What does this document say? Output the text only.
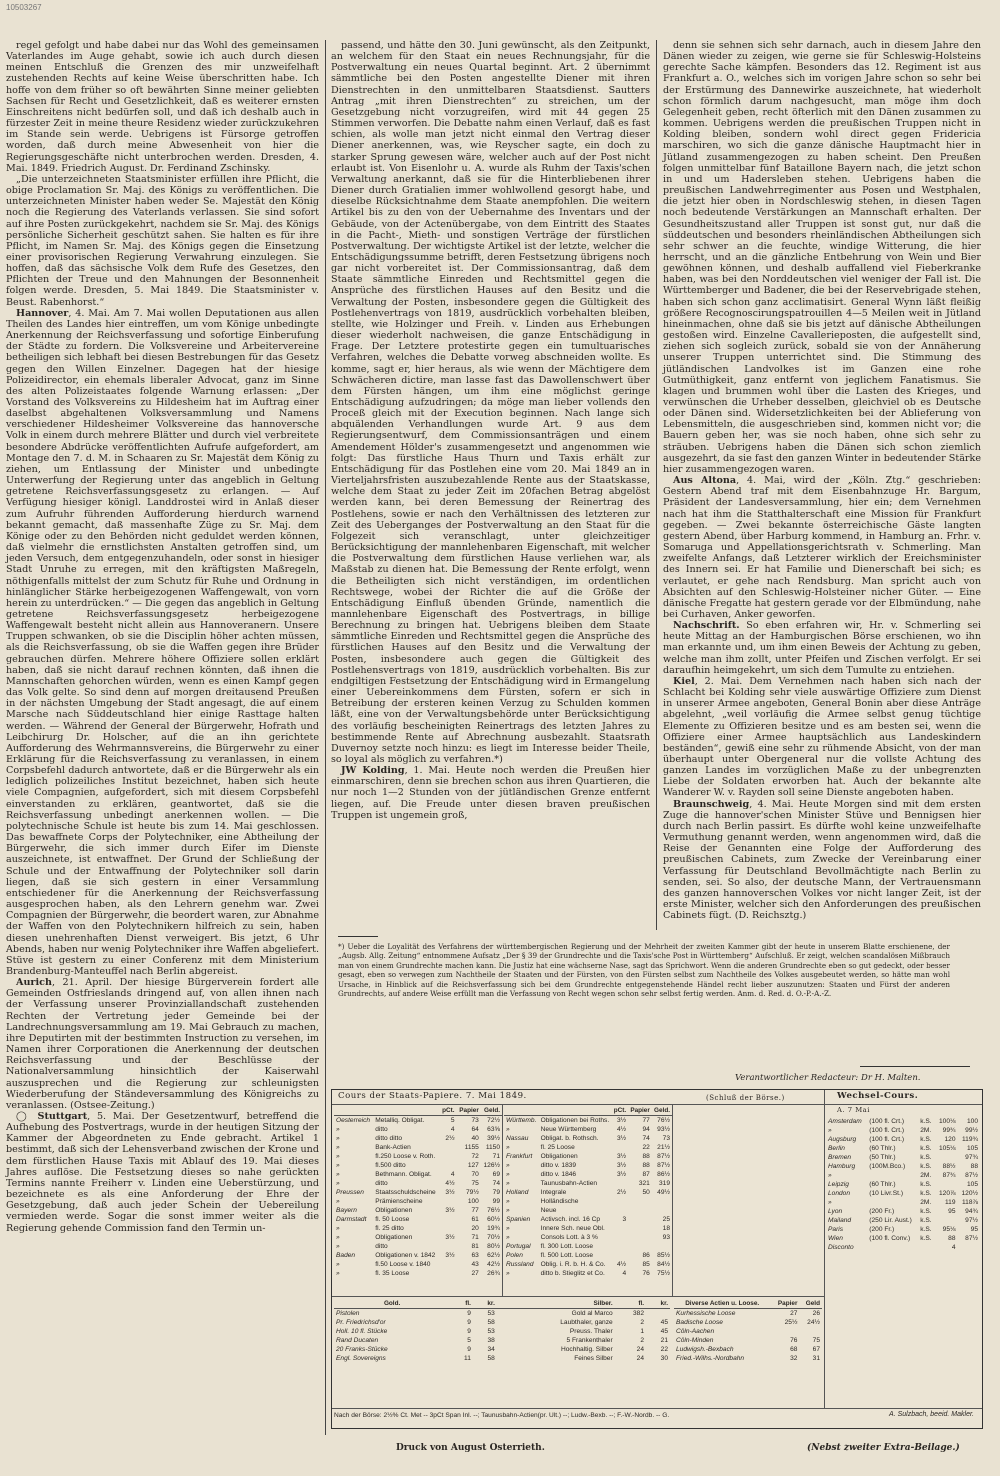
10503267

regel gefolgt und habe dabei nur das Wohl des gemeinsamen Vaterlandes im Auge gehabt, sowie ich auch durch diesen meinen Entschluß die Grenzen des mir unzweifelhaft zustehenden Rechts auf keine Weise überschritten habe. Ich hoffe von dem früher so oft bewährten Sinne meiner geliebten Sachsen für Recht und Gesetzlichkeit, daß es weiterer ernsten Einschreitens nicht bedürfen soll, und daß ich deshalb auch in fürzester Zeit in meine theure Residenz wieder zurückzukehren im Stande sein werde. Uebrigens ist Fürsorge getroffen worden, daß durch meine Abwesenheit von hier die Regierungsgeschäfte nicht unterbrochen werden. Dresden, 4. Mai. 1849. Friedrich August. Dr. Ferdinand Zschinsky.

„Die unterzeichneten Staatsminister erfüllen ihre Pflicht, die obige Proclamation Sr. Maj. des Königs zu veröffentlichen. Die unterzeichneten Minister haben weder Se. Majestät den König noch die Regierung des Vaterlands verlassen. Sie sind sofort auf ihre Posten zurückgekehrt, nachdem sie Sr. Maj. des Königs persönliche Sicherheit geschützt sahen. Sie halten es für ihre Pflicht, im Namen Sr. Maj. des Königs gegen die Einsetzung einer provisorischen Regierung Verwahrung einzulegen. Sie hoffen, daß das sächsische Volk dem Rufe des Gesetzes, den Pflichten der Treue und den Mahnungen der Besonnenheit folgen werde. Dresden, 5. Mai 1849. Die Staatsminister v. Beust. Rabenhorst.“

Hannover, 4. Mai. Am 7. Mai wollen Deputationen aus allen Theilen des Landes hier eintreffen, um vom Könige unbedingte Anerkennung der Reichsverfassung und sofortige Einberufung der Städte zu fordern. Die Volksvereine und Arbeitervereine betheiligen sich lebhaft bei diesen Bestrebungen für das Gesetz gegen den Willen Einzelner. Dagegen hat der hiesige Polizeidirector, ein ehemals liberaler Advocat, ganz im Sinne des alten Polizeistaates folgende Warnung erlassen: „Der Vorstand des Volksvereins zu Hildesheim hat im Auftrag einer daselbst abgehaltenen Volksversammlung und Namens verschiedener Hildesheimer Volksvereine das hannoversche Volk in einem durch mehrere Blätter und durch viel verbreitete besondere Abdrücke veröffentlichten Aufrufe aufgefordert, am Montage den 7. d. M. in Schaaren zu Sr. Majestät dem König zu ziehen, um Entlassung der Minister und unbedingte Unterwerfung der Regierung unter das angeblich in Geltung getretene Reichsverfassungsgesetz zu erlangen. — Auf Verfügung hiesiger königl. Landdrostei wird in Anlaß dieser zum Aufruhr führenden Aufforderung hierdurch warnend bekannt gemacht, daß massenhafte Züge zu Sr. Maj. dem Könige oder zu den Behörden nicht geduldet werden können, daß vielmehr die ernstlichsten Anstalten getroffen sind, um jeden Versuch, dem entgegenzuhandeln, oder sonst in hiesiger Stadt Unruhe zu erregen, mit den kräftigsten Maßregeln, nöthigenfalls mittelst der zum Schutz für Ruhe und Ordnung in hinlänglicher Stärke herbeigezogenen Waffengewalt, von vorn herein zu unterdrücken.“ — Die gegen das angeblich in Geltung getretene Reichsverfassungsgesetz herbeigezogene Waffengewalt besteht nicht allein aus Hannoveranern. Unsere Truppen schwanken, ob sie die Disciplin höher achten müssen, als die Reichsverfassung, ob sie die Waffen gegen ihre Brüder gebrauchen dürfen. Mehrere höhere Offiziere sollen erklärt haben, daß sie nicht darauf rechnen könnten, daß ihnen die Mannschaften gehorchen würden, wenn es einen Kampf gegen das Volk gelte. So sind denn auf morgen dreitausend Preußen in der nächsten Umgebung der Stadt angesagt, die auf einem Marsche nach Süddeutschland hier einige Rasttage halten werden. — Während der General der Bürgerwehr, Hofrath und Leibchirurg Dr. Holscher, auf die an ihn gerichtete Aufforderung des Wehrmannsvereins, die Bürgerwehr zu einer Erklärung für die Reichsverfassung zu veranlassen, in einem Corpsbefehl dadurch antwortete, daß er die Bürgerwehr als ein lediglich polizeiliches Institut bezeichnet, haben sich heute viele Compagnien, aufgefordert, sich mit diesem Corpsbefehl einverstanden zu erklären, geantwortet, daß sie die Reichsverfassung unbedingt anerkennen wollen. — Die polytechnische Schule ist heute bis zum 14. Mai geschlossen. Das bewaffnete Corps der Polytechniker, eine Abtheilung der Bürgerwehr, die sich immer durch Eifer im Dienste auszeichnete, ist entwaffnet. Der Grund der Schließung der Schule und der Entwaffnung der Polytechniker soll darin liegen, daß sie sich gestern in einer Versammlung entschiedener für die Anerkennung der Reichsverfassung ausgesprochen haben, als den Lehrern genehm war. Zwei Compagnien der Bürgerwehr, die beordert waren, zur Abnahme der Waffen von den Polytechnikern hilfreich zu sein, haben diesen unehrenhaften Dienst verweigert. Bis jetzt, 6 Uhr Abends, haben nur wenig Polytechniker ihre Waffen abgeliefert. Stüve ist gestern zu einer Conferenz mit dem Ministerium Brandenburg-Manteuffel nach Berlin abgereist.

Aurich, 21. April. Der hiesige Bürgerverein fordert alle Gemeinden Ostfrieslands dringend auf, von allen ihnen nach der Verfassung unserer Provinziallandschaft zustehenden Rechten der Vertretung jeder Gemeinde bei der Landrechnungsversammlung am 19. Mai Gebrauch zu machen, ihre Deputirten mit der bestimmten Instruction zu versehen, im Namen ihrer Corporationen die Anerkennung der deutschen Reichsverfassung und der Beschlüsse der Nationalversammlung hinsichtlich der Kaiserwahl auszusprechen und die Regierung zur schleunigsten Wiederberufung der Ständeversammlung des Königreichs zu veranlassen. (Ostsee-Zeitung.)

◯ Stuttgart, 5. Mai. Der Gesetzentwurf, betreffend die Aufhebung des Postvertrags, wurde in der heutigen Sitzung der Kammer der Abgeordneten zu Ende gebracht. Artikel 1 bestimmt, daß sich der Lehensverband zwischen der Krone und dem fürstlichen Hause Taxis mit Ablauf des 19. Mai dieses Jahres auflöse. Die Festsetzung dieses so nahe gerückten Termins nannte Freiherr v. Linden eine Ueberstürzung, und bezeichnete es als eine Anforderung der Ehre der Gesetzgebung, daß auch jeder Schein der Uebereilung vermieden werde. Sogar die sonst immer weiter als die Regierung gehende Commission fand den Termin un-

passend, und hätte den 30. Juni gewünscht, als den Zeitpunkt, an welchem für den Staat ein neues Rechnungsjahr, für die Postverwaltung ein neues Quartal beginnt. Art. 2 übernimmt sämmtliche bei den Posten angestellte Diener mit ihren Dienstrechten in den unmittelbaren Staatsdienst. Sautters Antrag „mit ihren Dienstrechten“ zu streichen, um der Gesetzgebung nicht vorzugreifen, wird mit 44 gegen 25 Stimmen verworfen. Die Debatte nahm einen Verlauf, daß es fast schien, als wolle man jetzt nicht einmal den Vertrag dieser Diener anerkennen, was, wie Reyscher sagte, ein doch zu starker Sprung gewesen wäre, welcher auch auf der Post nicht erlaubt ist. Von Eisenlohr u. A. wurde als Ruhm der Taxis'schen Verwaltung anerkannt, daß sie für die Hinterbliebenen ihrer Diener durch Gratialien immer wohlwollend gesorgt habe, und dieselbe Rücksichtnahme dem Staate anempfohlen. Die weitern Artikel bis zu den von der Uebernahme des Inventars und der Gebäude, von der Actenübergabe, von dem Eintritt des Staates in die Pacht-, Mieth- und sonstigen Verträge der fürstlichen Postverwaltung. Der wichtigste Artikel ist der letzte, welcher die Entschädigungssumme betrifft, deren Festsetzung übrigens noch gar nicht vorbereitet ist. Der Commissionsantrag, daß dem Staate sämmtliche Einreden und Rechtsmittel gegen die Ansprüche des fürstlichen Hauses auf den Besitz und die Verwaltung der Posten, insbesondere gegen die Gültigkeit des Postlehenvertrags von 1819, ausdrücklich vorbehalten bleiben, stellte, wie Holzinger und Freih. v. Linden aus Erhebungen dieser wiederholt nachweisen, die ganze Entschädigung in Frage. Der Letztere protestirte gegen ein tumultuarisches Verfahren, welches die Debatte vorweg abschneiden wollte. Es komme, sagt er, hier heraus, als wie wenn der Mächtigere dem Schwächeren dictire, man lasse fast das Dawollenschwert über dem Fürsten hängen, um ihm eine möglichst geringe Entschädigung aufzudringen; da möge man lieber vollends den Proceß gleich mit der Execution beginnen. Nach lange sich abquälenden Verhandlungen wurde Art. 9 aus dem Regierungsentwurf, dem Commissionsanträgen und einem Amendement Hölder's zusammengesetzt und angenommen wie folgt: Das fürstliche Haus Thurn und Taxis erhält zur Entschädigung für das Postlehen eine vom 20. Mai 1849 an in Vierteljahrsfristen auszubezahlende Rente aus der Staatskasse, welche dem Staat zu jeder Zeit im 20fachen Betrag abgelöst werden kann, bei deren Bemessung der Reinertrag des Postlehens, sowie er nach den Verhältnissen des letzteren zur Zeit des Ueberganges der Postverwaltung an den Staat für die Folgezeit sich veranschlagt, unter gleichzeitiger Berücksichtigung der mannlehenbaren Eigenschaft, mit welcher die Postverwaltung dem fürstlichen Hause verliehen war, als Maßstab zu dienen hat. Die Bemessung der Rente erfolgt, wenn die Betheiligten sich nicht verständigen, im ordentlichen Rechtswege, wobei der Richter die auf die Größe der Entschädigung Einfluß übenden Gründe, namentlich die mannlehenbare Eigenschaft des Postvertrags, in billige Berechnung zu bringen hat. Uebrigens bleiben dem Staate sämmtliche Einreden und Rechtsmittel gegen die Ansprüche des fürstlichen Hauses auf den Besitz und die Verwaltung der Posten, insbesondere auch gegen die Gültigkeit des Postlehensvertrags von 1819, ausdrücklich vorbehalten. Bis zur endgiltigen Festsetzung der Entschädigung wird in Ermangelung einer Uebereinkommens dem Fürsten, sofern er sich in Betreibung der ersteren keinen Verzug zu Schulden kommen läßt, eine von der Verwaltungsbehörde unter Berücksichtigung des vorläufig bescheinigten Reinertrags des letzten Jahres zu bestimmende Rente auf Abrechnung ausbezahlt. Staatsrath Duvernoy setzte noch hinzu: es liegt im Interesse beider Theile, so loyal als möglich zu verfahren.*)

JW Kolding, 1. Mai. Heute noch werden die Preußen hier einmarschiren, denn sie brechen schon aus ihren Quartieren, die nur noch 1—2 Stunden von der jütländischen Grenze entfernt liegen, auf. Die Freude unter diesen braven preußischen Truppen ist ungemein groß,

denn sie sehnen sich sehr darnach, auch in diesem Jahre den Dänen wieder zu zeigen, wie gerne sie für Schleswig-Holsteins gerechte Sache kämpfen. Besonders das 12. Regiment ist aus Frankfurt a. O., welches sich im vorigen Jahre schon so sehr bei der Erstürmung des Dannewirke auszeichnete, hat wiederholt schon förmlich darum nachgesucht, man möge ihm doch Gelegenheit geben, recht öfterlich mit den Dänen zusammen zu kommen. Uebrigens werden die preußischen Truppen nicht in Kolding bleiben, sondern wohl direct gegen Fridericia marschiren, wo sich die ganze dänische Hauptmacht hier in Jütland zusammengezogen zu haben scheint. Den Preußen folgen unmittelbar fünf Bataillone Bayern nach, die jetzt schon in und um Hadersleben stehen. Uebrigens haben die preußischen Landwehrregimenter aus Posen und Westphalen, die jetzt hier oben in Nordschleswig stehen, in diesen Tagen noch bedeutende Verstärkungen an Mannschaft erhalten. Der Gesundheitszustand aller Truppen ist sonst gut, nur daß die süddeutschen und besonders rheinländischen Abtheilungen sich sehr schwer an die feuchte, windige Witterung, die hier herrscht, und an die gänzliche Entbehrung von Wein und Bier gewöhnen können, und deshalb auffallend viel Fieberkranke haben, was bei den Norddeutschen viel weniger der Fall ist. Die Württemberger und Badener, die bei der Reservebrigade stehen, haben sich schon ganz acclimatisirt. General Wynn läßt fleißig größere Recognoscirungspatrouillen 4—5 Meilen weit in Jütland hineinmachen, ohne daß sie bis jetzt auf dänische Abtheilungen gestoßen wird. Einzelne Cavallerieposten, die aufgestellt sind, ziehen sich sogleich zurück, sobald sie von der Annäherung unserer Truppen unterrichtet sind. Die Stimmung des jütländischen Landvolkes ist im Ganzen eine rohe Gutmüthigkeit, ganz entfernt von jeglichem Fanatismus. Sie klagen und brummen wohl über die Lasten des Krieges, und verwünschen die Urheber desselben, gleichviel ob es Deutsche oder Dänen sind. Widersetzlichkeiten bei der Ablieferung von Lebensmitteln, die ausgeschrieben sind, kommen nicht vor; die Bauern geben her, was sie noch haben, ohne sich sehr zu sträuben. Uebrigens haben die Dänen sich schon ziemlich ausgezehrt, da sie fast den ganzen Winter in bedeutender Stärke hier zusammengezogen waren.

Aus Altona, 4. Mai, wird der „Köln. Ztg.“ geschrieben: Gestern Abend traf mit dem Eisenbahnzuge Hr. Bargum, Präsident der Landesversammlung, hier ein; dem Vernehmen nach hat ihm die Statthalterschaft eine Mission für Frankfurt gegeben. — Zwei bekannte österreichische Gäste langten gestern Abend, über Harburg kommend, in Hamburg an. Frhr. v. Somaruga und Appellationsgerichtsrath v. Schmerling. Man zweifelte Anfangs, daß Letzterer wirklich der Ereichsminister des Innern sei. Er hat Familie und Dienerschaft bei sich; es verlautet, er gehe nach Rendsburg. Man spricht auch von Absichten auf den Schleswig-Holsteiner nicher Güter. — Eine dänische Fregatte hat gestern gerade vor der Elbmündung, nahe bei Curhaven, Anker geworfen.

Nachschrift. So eben erfahren wir, Hr. v. Schmerling sei heute Mittag an der Hamburgischen Börse erschienen, wo ihn man erkannte und, um ihm einen Beweis der Achtung zu geben, welche man ihm zollt, unter Pfeifen und Zischen verfolgt. Er sei daraufhin heimgekehrt, um sich dem Tumulte zu entziehen.

Kiel, 2. Mai. Dem Vernehmen nach haben sich nach der Schlacht bei Kolding sehr viele auswärtige Offiziere zum Dienst in unserer Armee angeboten, General Bonin aber diese Anträge abgelehnt, „weil vorläufig die Armee selbst genug tüchtige Elemente zu Offizieren besitze und es am besten sei, wenn die Offiziere einer Armee hauptsächlich aus Landeskindern beständen“, gewiß eine sehr zu rühmende Absicht, von der man überhaupt unter Obergeneral nur die vollste Achtung des ganzen Landes im vorzüglichen Maße zu der unbegrenzten Liebe der Soldaten erworben hat. Auch der bekannte alte Wanderer W. v. Rayden soll seine Dienste angeboten haben.

Braunschweig, 4. Mai. Heute Morgen sind mit dem ersten Zuge die hannover'schen Minister Stüve und Bennigsen hier durch nach Berlin passirt. Es dürfte wohl keine unzweifelhafte Vermuthung genannt werden, wenn angenommen wird, daß die Reise der Genannten eine Folge der Aufforderung des preußischen Cabinets, zum Zwecke der Vereinbarung einer Verfassung für Deutschland Bevollmächtigte nach Berlin zu senden, sei. So also, der deutsche Mann, der Vertrauensmann des ganzen hannoverschen Volkes vor nicht langer Zeit, ist der erste Minister, welcher sich den Anforderungen des preußischen Cabinets fügt. (D. Reichsztg.)

*) Ueber die Loyalität des Verfahrens der württembergischen Regierung und der Mehrheit der zweiten Kammer gibt der heute in unserem Blatte erschienene, der „Augsb. Allg. Zeitung“ entnommene Aufsatz „Der § 39 der Grundrechte und die Taxis'sche Post in Württemberg“ Aufschluß. Er zeigt, welchen scandalösen Mißbrauch man von einem Grundrechte machen kann. Die Justiz hat eine wächserne Nase, sagt das Sprichwort. Wenn die anderen Grundrechte eben so gut gedeckt, oder besser gesagt, eben so verwegen zum Nachtheile der Staaten und der Fürsten, von den Fürsten selbst zum Nachtheile des Volkes ausgebeutet werden, so hätte man wohl Ursache, in Hinblick auf die Reichsverfassung sich bei dem Grundrechte entgegenstehende Händel recht lieber auszunutzen: Staaten und Fürst der anderen Grundrechts, auf andere Weise erfüllt man die Verfassung von Recht wegen schon sehr selbst fertig werden. Anm. d. Red. d. O.-P.-A.-Z.
Verantwortlicher Redacteur: Dr H. Malten.
Cours der Staats-Papiere. 7. Mai 1849.	(Schluß der Börse.)	Wechsel-Cours.
		pCt.	Papier	Geld.
Oesterreich	Metalliq. Obligat.	5	73	72½
»	ditto	4	64	63⅝
»	ditto ditto	2½	40	39½
»	Bank-Actien		1155	1150
»	fl.250 Loose v. Roth.		72	71
»	fl.500 ditto		127	126½
»	Bethmann. Obligat.	4	70	69
»	ditto	4½	75	74
Preussen	Staatsschuldscheine	3½	79½	79
»	Prämienscheine		100	99
Bayern	Obligationen	3½	77	76½
Darmstadt	fl. 50 Loose		61	60½
»	fl. 25 ditto		20	19¾
»	Obligationen	3½	71	70½
»	ditto		81	80½
Baden	Obligationen v. 1842	3½	63	62½
»	fl.50 Loose v. 1840		43	42½
»	fl. 35 Loose		27	26¾
		pCt.	Papier	Geld.
Württemb.	Obligationen bei Roths.	3½	77	76½
»	Neue Württemberg	4½	94	93½
Nassau	Obligat. b. Rothsch.	3½	74	73
»	fl. 25 Loose		22	21½
Frankfurt	Obligationen	3½	88	87½
»	ditto v. 1839	3½	88	87½
»	ditto v. 1846	3½	87	86½
»	Taunusbahn-Actien		321	319
Holland	Integrale	2½	50	49½
»	Holländische			
»	Neue			
Spanien	Activsch. incl. 16 Cp	3		25
»	Innere Sch. neue Obl.			18
»	Consols Lott. à 3 %			93
Portugal	fl. 300 Lott. Loose			
Polen	fl. 500 Lott. Loose		86	85½
Russland	Oblig. i. R. b. H. & Co.	4½	85	84½
»	ditto b. Stieglitz et Co.	4	76	75½
A. 7 Mai
Amsterdam	(100 fl. Crt.)	k.S.	100⅛	100
»	(100 fl. Crt.)	2M.	99¾	99½
Augsburg	(100 fl. Crt.)	k.S.	120	119¾
Berlin	(60 Thlr.)	k.S.	105⅛	105
Bremen	(50 Thlr.)	k.S.		97¾
Hamburg	(100M.Bco.)	k.S.	88½	88
»		2M.	87¾	87½
Leipzig	(60 Thlr.)	k.S.		105
London	(10 Livr.St.)	k.S.	120⅞	120½
»		2M.	119	118⅞
Lyon	(200 Fr.)	k.S.	95	94¾
Mailand	(250 Lir. Aust.)	k.S.		97½
Paris	(200 Fr.)	k.S.	95⅛	95
Wien	(100 fl. Conv.)	k.S.	88	87½
Disconto			4	
Gold.	fl.	kr.	Silber.	fl.	kr.
Pistolen	9	53	Gold al Marco	382	
Pr. Friedrichsd'or	9	58	Laubthaler, ganze	2	45
Holl. 10 fl. Stücke	9	53	Preuss. Thaler	1	45
Rand Ducaten	5	38	5 Frankenthaler	2	21
20 Franks-Stücke	9	34	Hochhaltig. Silber	24	22
Engl. Sovereigns	11	58	Feines Silber	24	30
Diverse Actien u. Loose.	Papier	Geld
Kurhessische Loose	27	26
Badische Loose	25½	24½
Cöln-Aachen		
Cöln-Minden	76	75
Ludwigsh.-Bexbach	68	67
Fried.-Wilhs.-Nordbahn	32	31
A. Sulzbach, beeid. Makler.
Nach der Börse: 2½% Ct. Met -- 3pCt Span Inl. --; Taunusbahn-Actien(pr. Ult.) --; Ludw.-Bexb. --; F.-W.-Nordb. -- G.
Druck von August Osterrieth.	(Nebst zweiter Extra-Beilage.)
